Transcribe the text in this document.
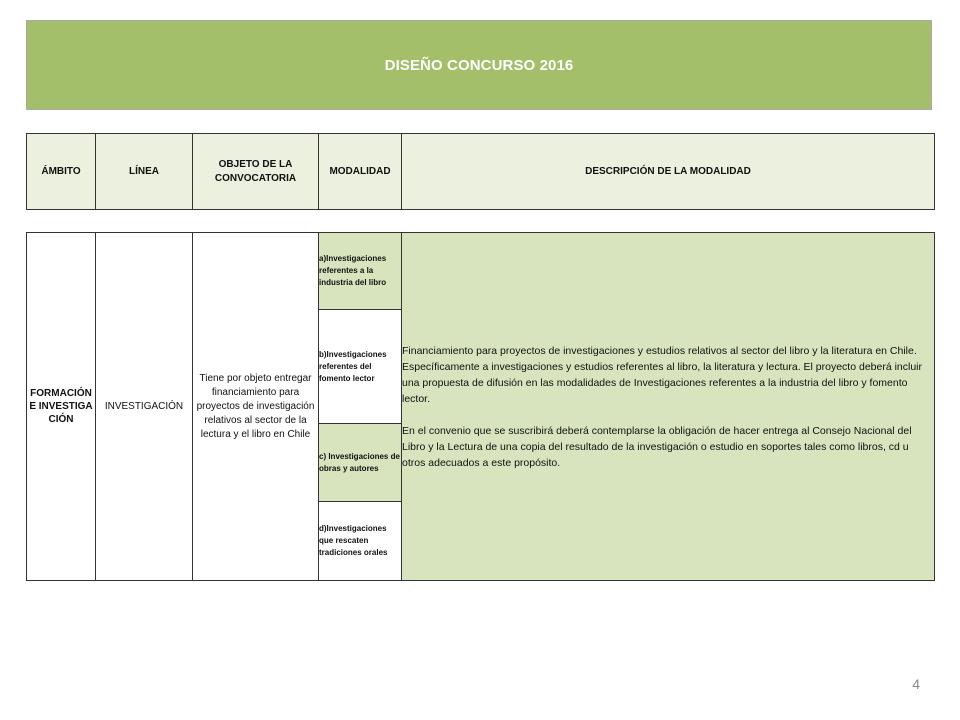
DISEÑO CONCURSO 2016
ÁMBITO	LÍNEA	OBJETO DE LA CONVOCATORIA	MODALIDAD	DESCRIPCIÓN DE LA MODALIDAD
FORMACIÓN E INVESTIGACIÓN	INVESTIGACIÓN	Tiene por objeto entregar financiamiento para proyectos de investigación relativos al sector de la lectura y el libro en Chile	a)Investigaciones referentes a la industria del libro	
Financiamiento para proyectos de investigaciones y estudios relativos al sector del libro y la literatura en Chile. Específicamente a investigaciones y estudios referentes al libro, la literatura y lectura. El proyecto deberá incluir una propuesta de difusión en las modalidades de Investigaciones referentes a la industria del libro y fomento lector.
En el convenio que se suscribirá deberá contemplarse la obligación de hacer entrega al Consejo Nacional del Libro y la Lectura de una copia del resultado de la investigación o estudio en soportes tales como libros, cd u otros adecuados a este propósito.

b)Investigaciones referentes del fomento lector
c) Investigaciones de obras y autores
d)Investigaciones que rescaten tradiciones orales
4
